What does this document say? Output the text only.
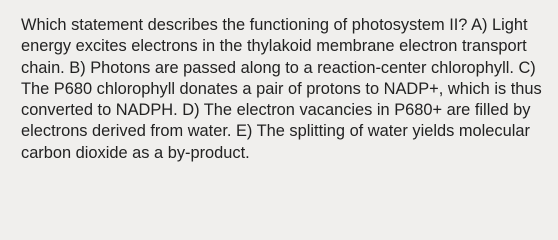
Which statement describes the functioning of photosystem II? A) Light energy excites electrons in the thylakoid membrane electron transport chain. B) Photons are passed along to a reaction-center chlorophyll. C) The P680 chlorophyll donates a pair of protons to NADP+, which is thus converted to NADPH. D) The electron vacancies in P680+ are filled by electrons derived from water. E) The splitting of water yields molecular carbon dioxide as a by-product.
